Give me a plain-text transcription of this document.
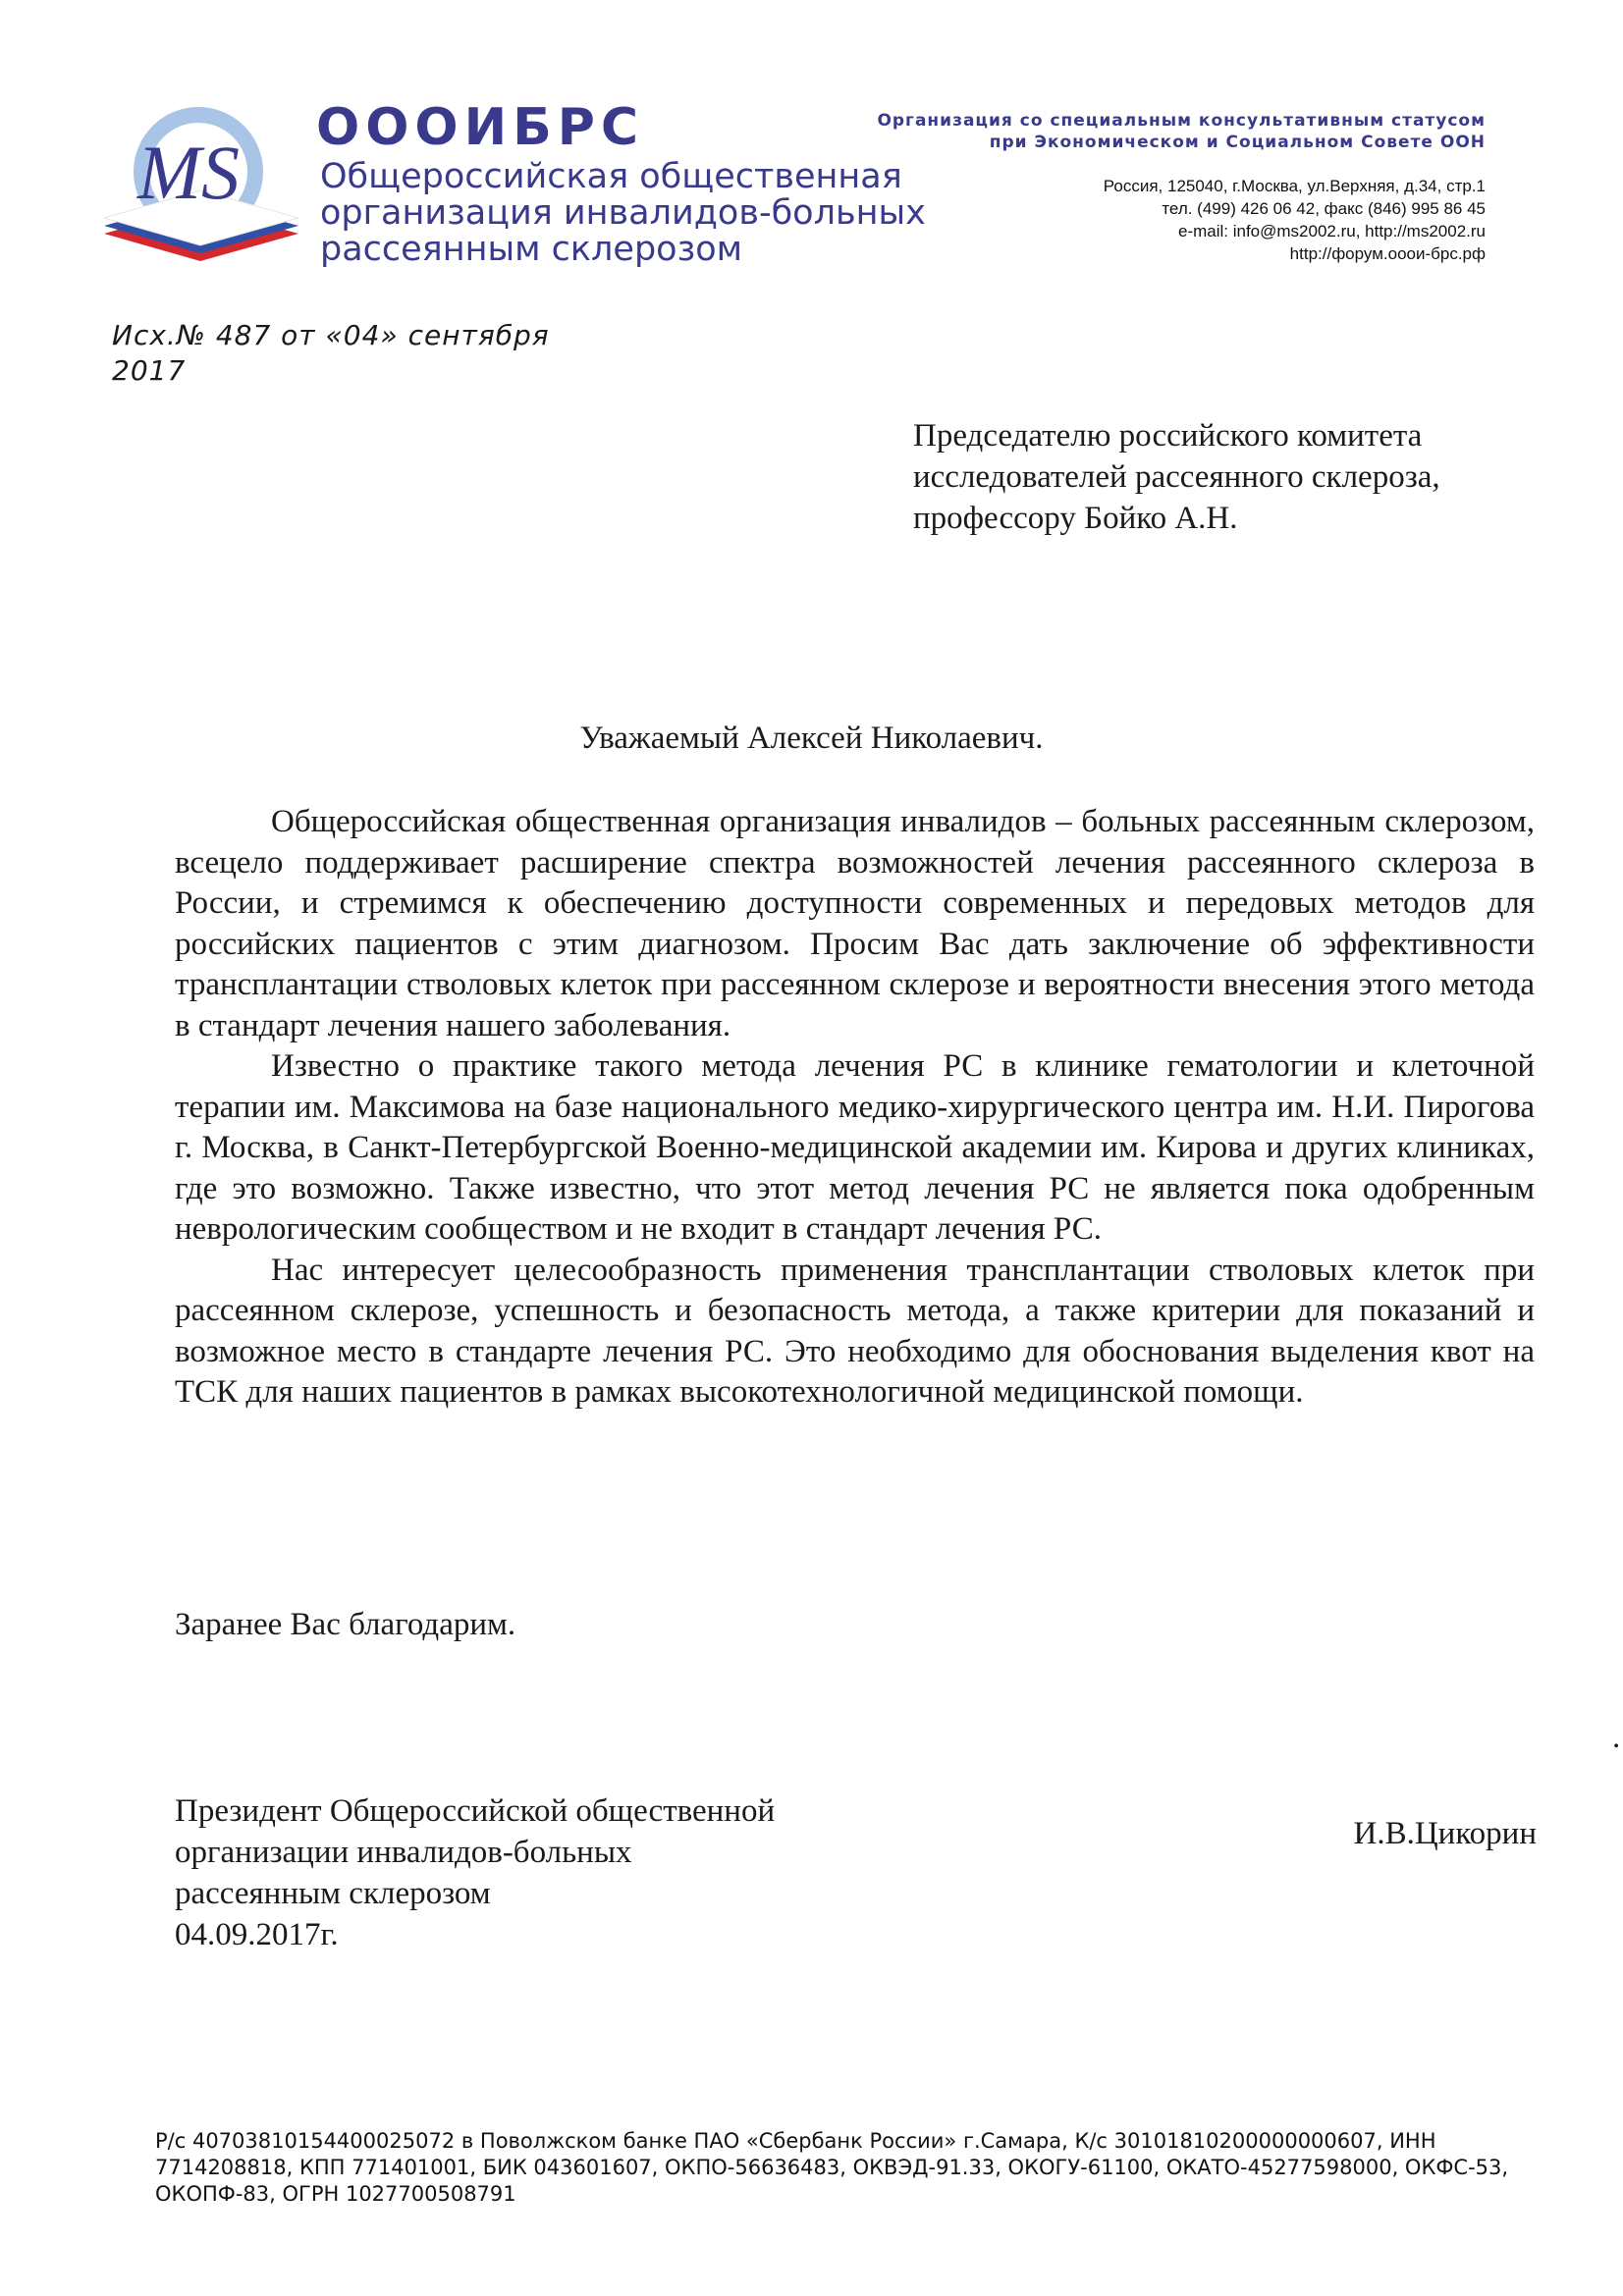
MS
ОООИБРС
Общероссийская общественная
организация инвалидов-больных
рассеянным склерозом
Организация со специальным консультативным статусом
при Экономическом и Социальном Совете ООН
Россия, 125040, г.Москва, ул.Верхняя, д.34, стр.1
тел. (499) 426 06 42, факс (846) 995 86 45
e-mail: info@ms2002.ru, http://ms2002.ru
http://форум.ооои-брс.рф
Исх.№ 487 от «04» сентября 2017
Председателю российского комитета
исследователей рассеянного склероза,
профессору Бойко А.Н.
Уважаемый Алексей Николаевич.

Общероссийская общественная организация инвалидов – больных рассеянным склерозом, всецело поддерживает расширение спектра возможностей лечения рассеянного склероза в России, и стремимся к обеспечению доступности современных и передовых методов для российских пациентов с этим диагнозом. Просим Вас дать заключение об эффективности трансплантации стволовых клеток при рассеянном склерозе и вероятности внесения этого метода в стандарт лечения нашего заболевания.

Известно о практике такого метода лечения РС в клинике гематологии и клеточной терапии им. Максимова на базе национального медико-хирургического центра им. Н.И. Пирогова г. Москва, в Санкт-Петербургской Военно-медицинской академии им. Кирова и других клиниках, где это возможно. Также известно, что этот метод лечения РС не является пока одобренным неврологическим сообществом и не входит в стандарт лечения РС.

Нас интересует целесообразность применения трансплантации стволовых клеток при рассеянном склерозе, успешность и безопасность метода, а также критерии для показаний и возможное место в стандарте лечения РС. Это необходимо для обоснования выделения квот на ТСК для наших пациентов в рамках высокотехнологичной медицинской помощи.

Заранее Вас благодарим.
.
Президент Общероссийской общественной
организации инвалидов-больных
рассеянным склерозом
04.09.2017г.
И.В.Цикорин
Р/с 40703810154400025072 в Поволжском банке ПАО «Сбербанк России» г.Самара, К/с 30101810200000000607, ИНН 7714208818, КПП 771401001, БИК 043601607, ОКПО-56636483, ОКВЭД-91.33, ОКОГУ-61100, ОКАТО-45277598000, ОКФС-53, ОКОПФ-83, ОГРН 1027700508791
